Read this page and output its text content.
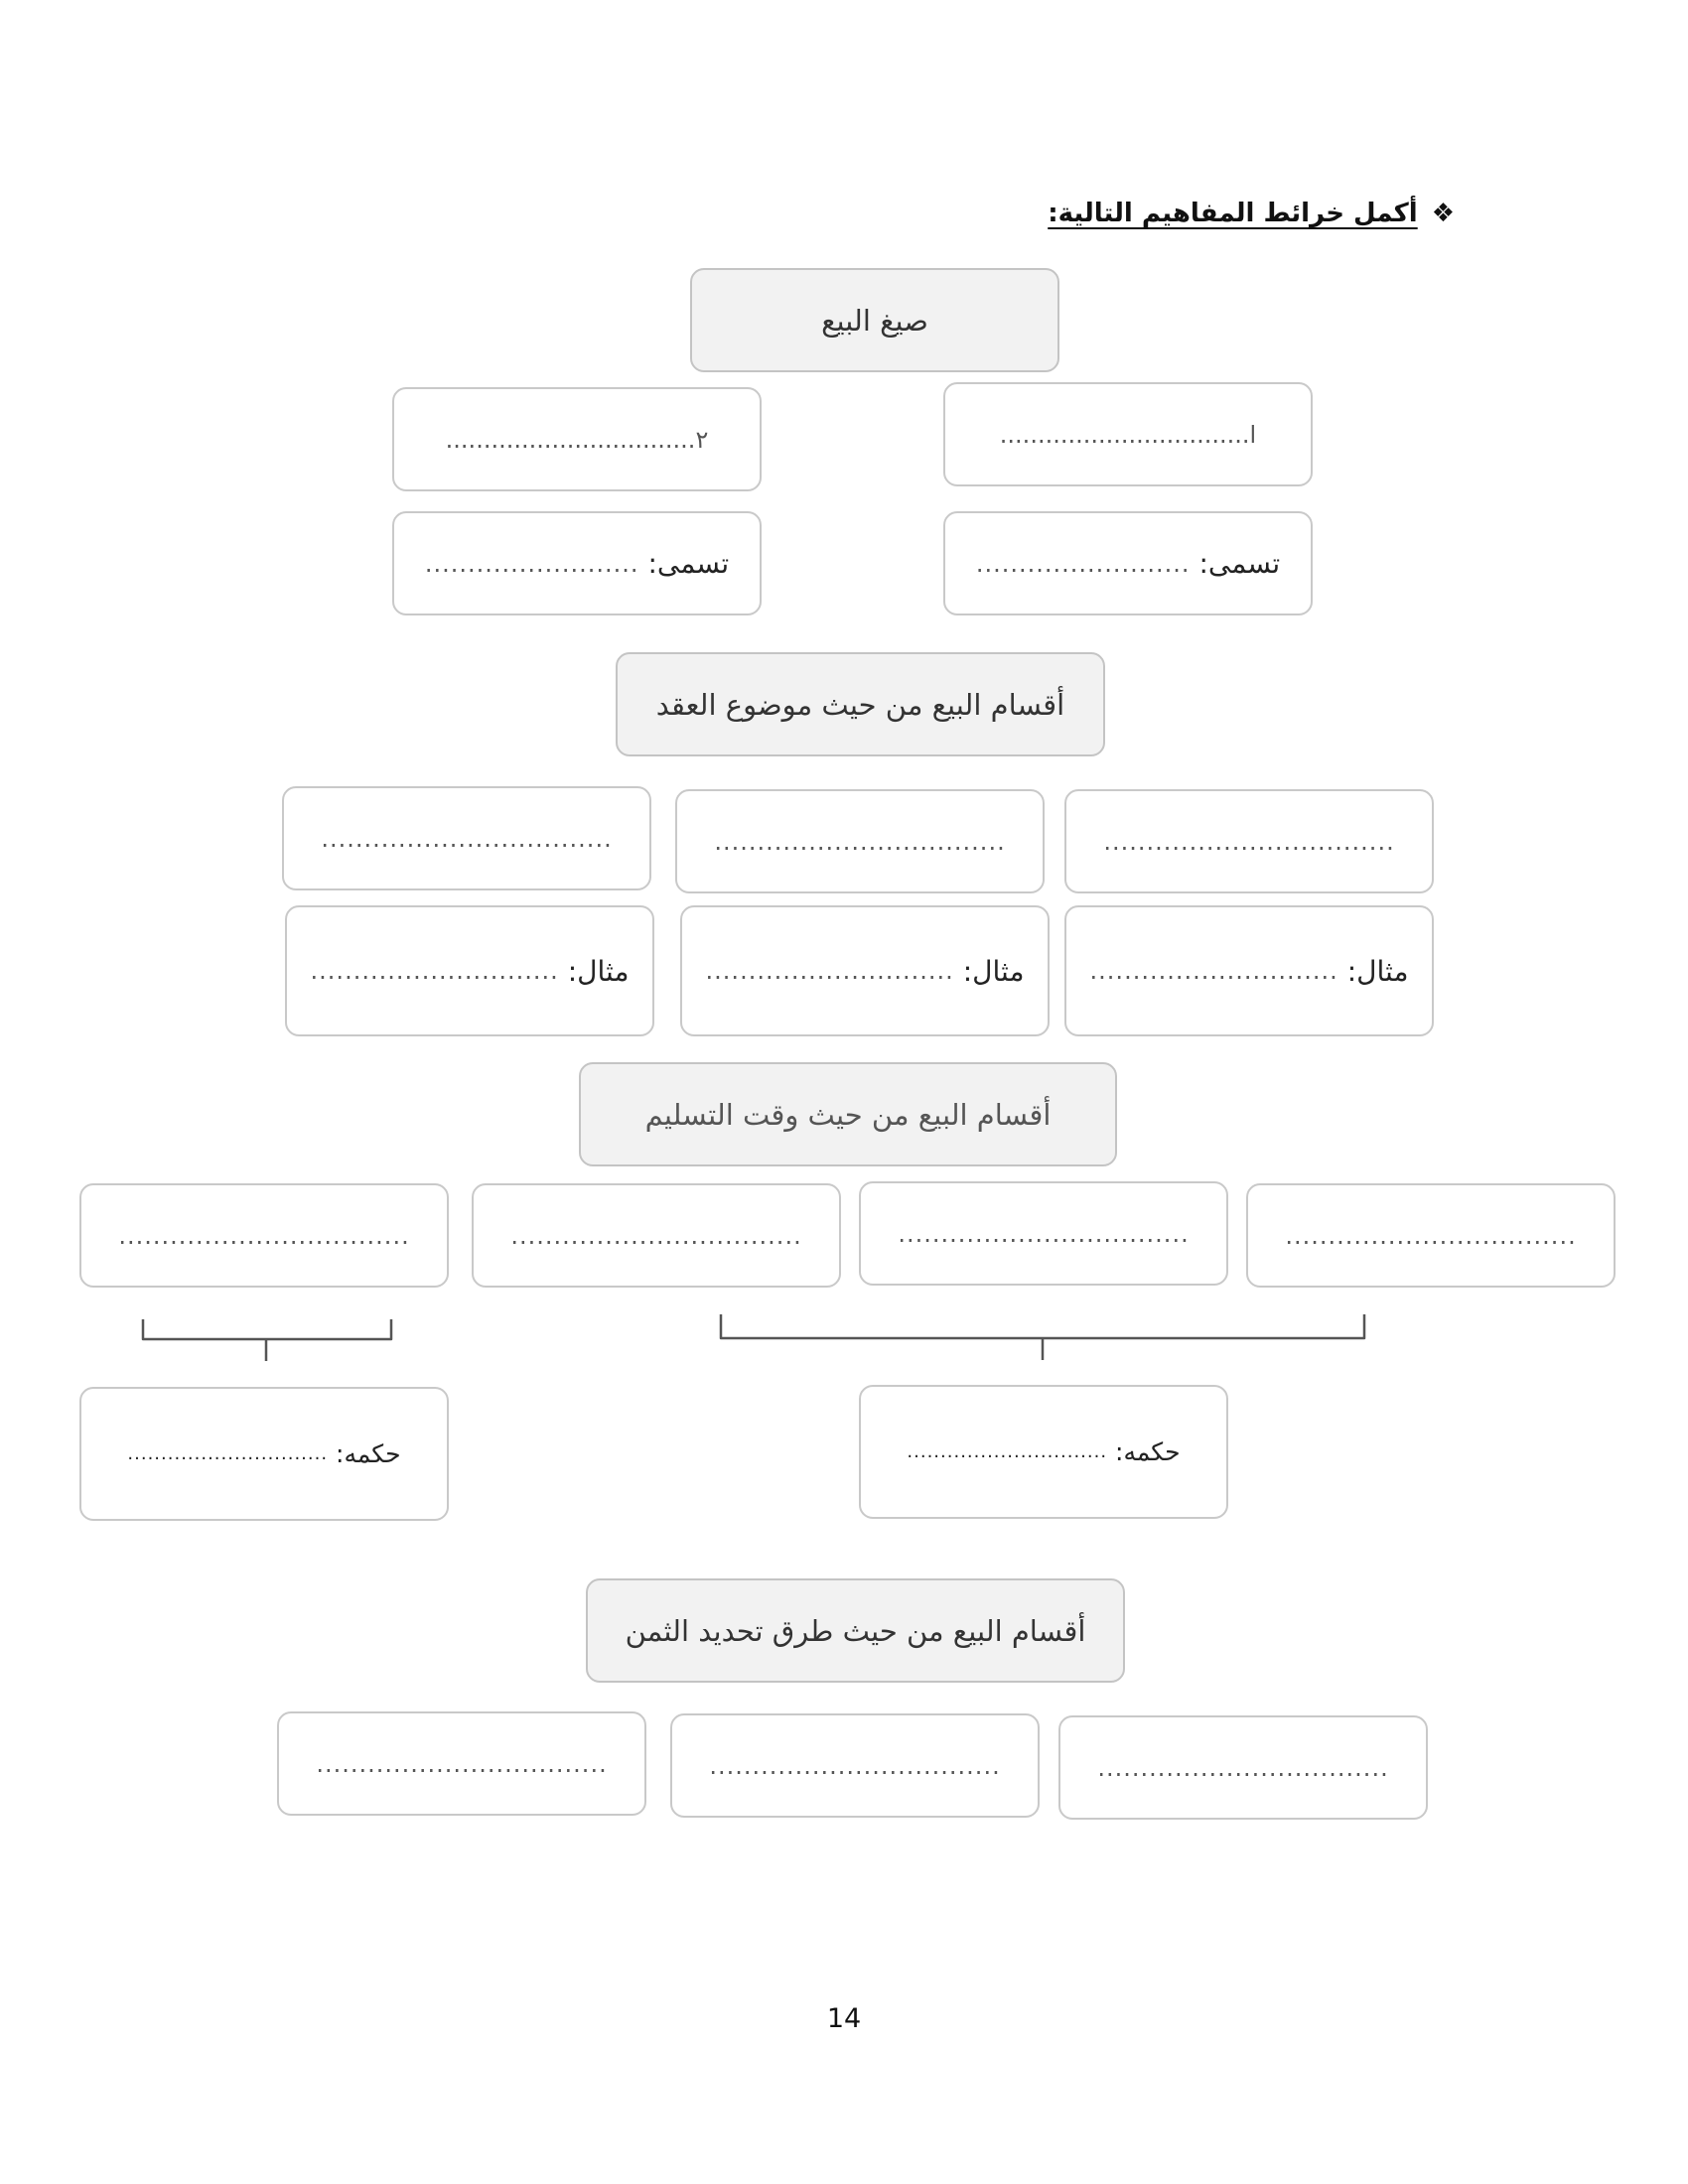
❖
أكمل خرائط المفاهيم التالية:
صيغ البيع
ا.................................
٢.................................
تسمى:

.........................
تسمى:

.........................
أقسام البيع من حيث موضوع العقد
..................................
..................................
..................................
مثال:

.............................
مثال:

.............................
مثال:

.............................
أقسام البيع من حيث وقت التسليم
..................................
..................................
..................................
..................................
حكمه:

..............................
حكمه:

..............................
أقسام البيع من حيث طرق تحديد الثمن
..................................
..................................
..................................
14
